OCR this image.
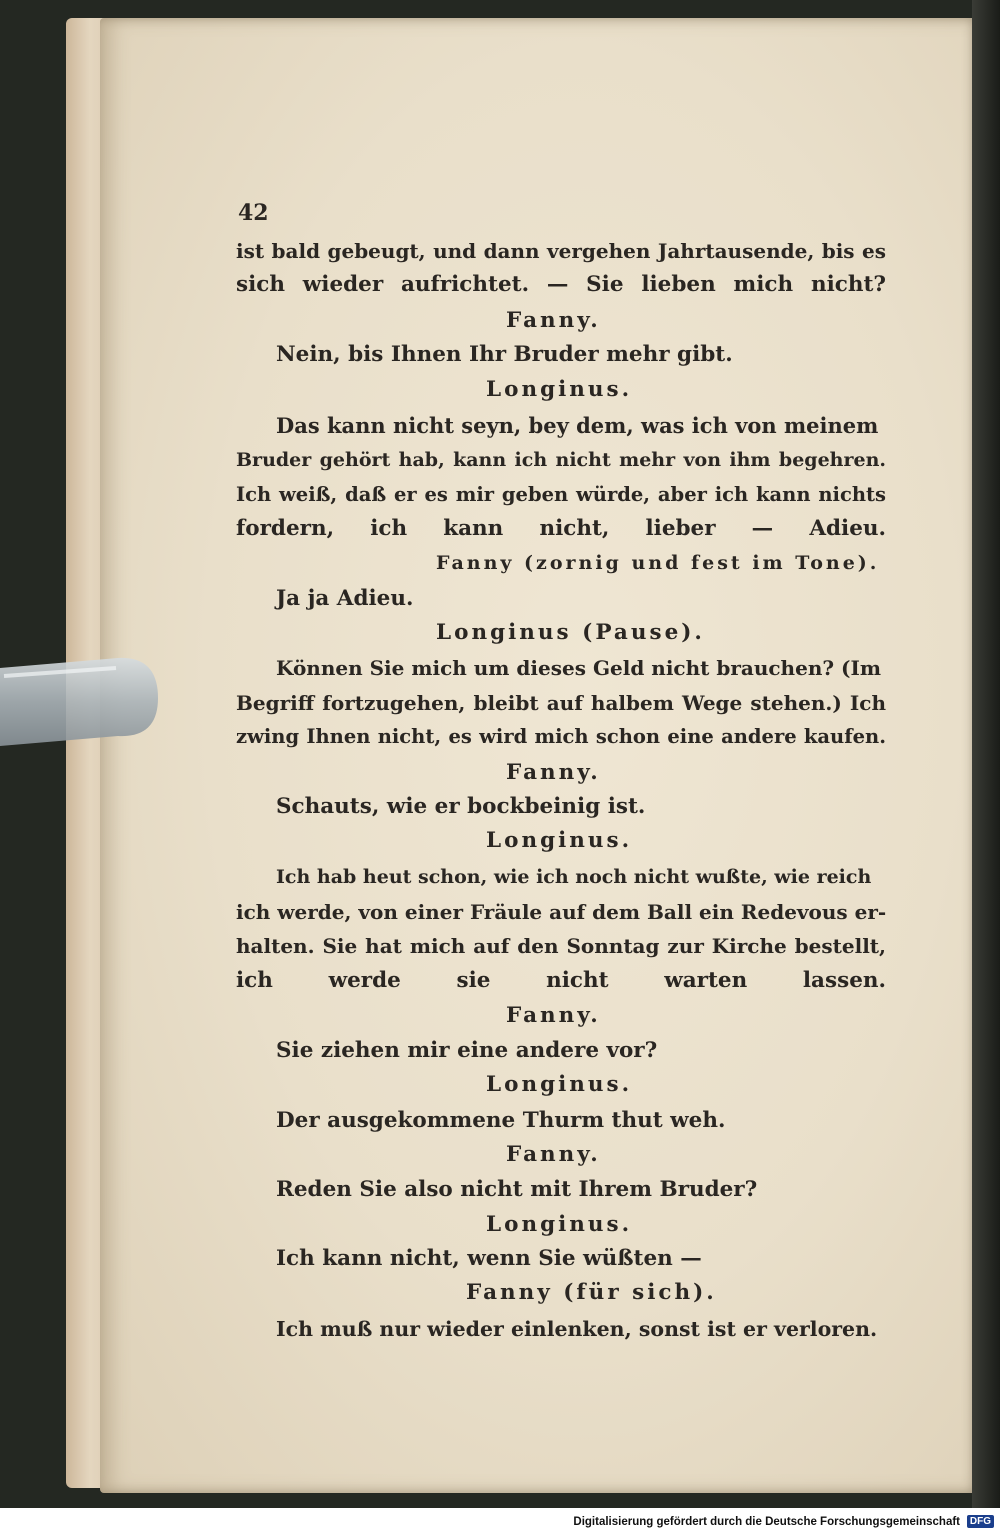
42
ist bald gebeugt, und dann vergehen Jahrtausende, bis es
sich wieder aufrichtet. — Sie lieben mich nicht?
Fanny.
Nein, bis Ihnen Ihr Bruder mehr gibt.
Longinus.
Das kann nicht seyn, bey dem, was ich von meinem
Bruder gehört hab, kann ich nicht mehr von ihm begehren.
Ich weiß, daß er es mir geben würde, aber ich kann nichts
fordern, ich kann nicht, lieber — Adieu.
Fanny (zornig und fest im Tone).
Ja ja Adieu.
Longinus (Pause).
Können Sie mich um dieses Geld nicht brauchen? (Im
Begriff fortzugehen, bleibt auf halbem Wege stehen.) Ich
zwing Ihnen nicht, es wird mich schon eine andere kaufen.
Fanny.
Schauts, wie er bockbeinig ist.
Longinus.
Ich hab heut schon, wie ich noch nicht wußte, wie reich
ich werde, von einer Fräule auf dem Ball ein Redevous er-
halten. Sie hat mich auf den Sonntag zur Kirche bestellt,
ich werde sie nicht warten lassen.
Fanny.
Sie ziehen mir eine andere vor?
Longinus.
Der ausgekommene Thurm thut weh.
Fanny.
Reden Sie also nicht mit Ihrem Bruder?
Longinus.
Ich kann nicht, wenn Sie wüßten —
Fanny (für sich).
Ich muß nur wieder einlenken, sonst ist er verloren.
Digitalisierung gefördert durch die Deutsche Forschungsgemeinschaft DFG
